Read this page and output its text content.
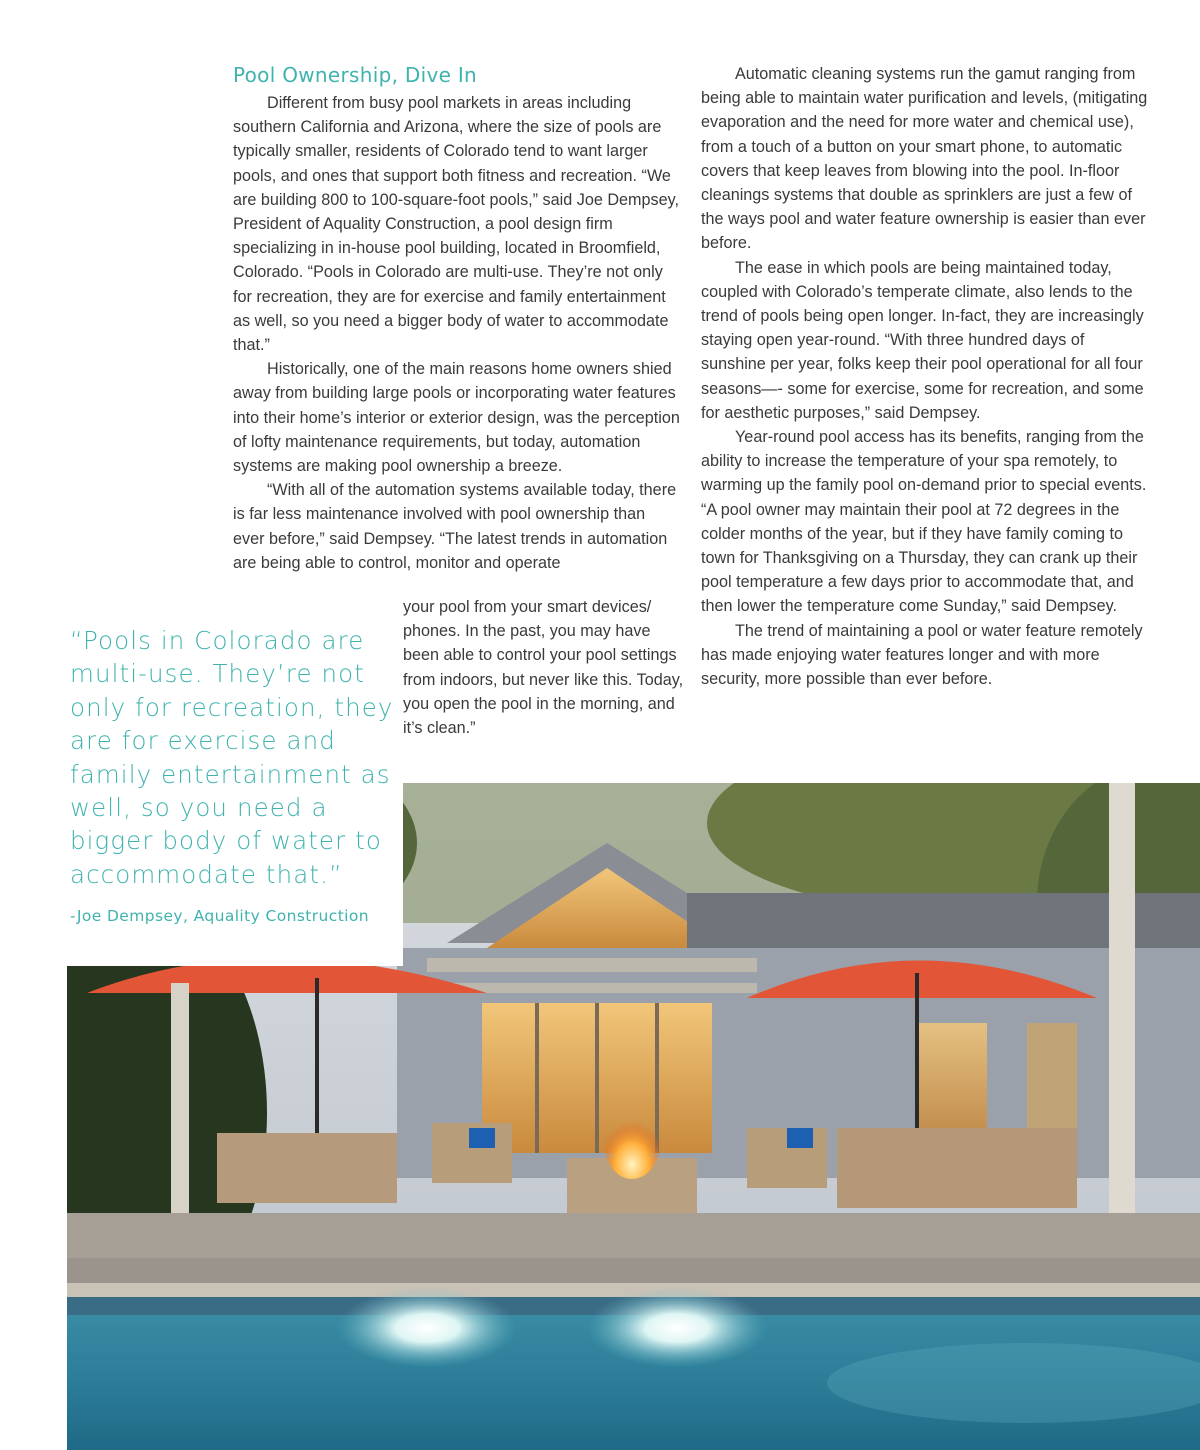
Pool Ownership, Dive In

Different from busy pool markets in areas including southern California and Arizona, where the size of pools are typically smaller, residents of Colorado tend to want larger pools, and ones that support both fitness and recreation. “We are building 800 to 100-square-foot pools,” said Joe Dempsey, President of Aquality Construction, a pool design firm specializing in in-house pool building, located in Broomfield, Colorado. “Pools in Colorado are multi-use. They’re not only for recreation, they are for exercise and family entertainment as well, so you need a bigger body of water to accommodate that.”

Historically, one of the main reasons home owners shied away from building large pools or incorporating water features into their home’s interior or exterior design, was the perception of lofty maintenance requirements, but today, automation systems are making pool ownership a breeze.

“With all of the automation systems available today, there is far less maintenance involved with pool ownership than ever before,” said Dempsey. “The latest trends in automation are being able to control, monitor and operate

your pool from your smart devices/ phones. In the past, you may have been able to control your pool settings from indoors, but never like this. Today, you open the pool in the morning, and it’s clean.”

Automatic cleaning systems run the gamut ranging from being able to maintain water purification and levels, (mitigating evaporation and the need for more water and chemical use), from a touch of a button on your smart phone, to automatic covers that keep leaves from blowing into the pool. In-floor cleanings systems that double as sprinklers are just a few of the ways pool and water feature ownership is easier than ever before.

The ease in which pools are being maintained today, coupled with Colorado’s temperate climate, also lends to the trend of pools being open longer. In-fact, they are increasingly staying open year-round. “With three hundred days of sunshine per year, folks keep their pool operational for all four seasons—- some for exercise, some for recreation, and some for aesthetic purposes,” said Dempsey.

Year-round pool access has its benefits, ranging from the ability to increase the temperature of your spa remotely, to warming up the family pool on-demand prior to special events. “A pool owner may maintain their pool at 72 degrees in the colder months of the year, but if they have family coming to town for Thanksgiving on a Thursday, they can crank up their pool temperature a few days prior to accommodate that, and then lower the temperature come Sunday,” said Dempsey.

The trend of maintaining a pool or water feature remotely has made enjoying water features longer and with more security, more possible than ever before.

“Pools in Colorado are multi-use. They’re not only for recreation, they are for exercise and family entertainment as well, so you need a bigger body of water to accommodate that.”

-Joe Dempsey, Aquality Construction
